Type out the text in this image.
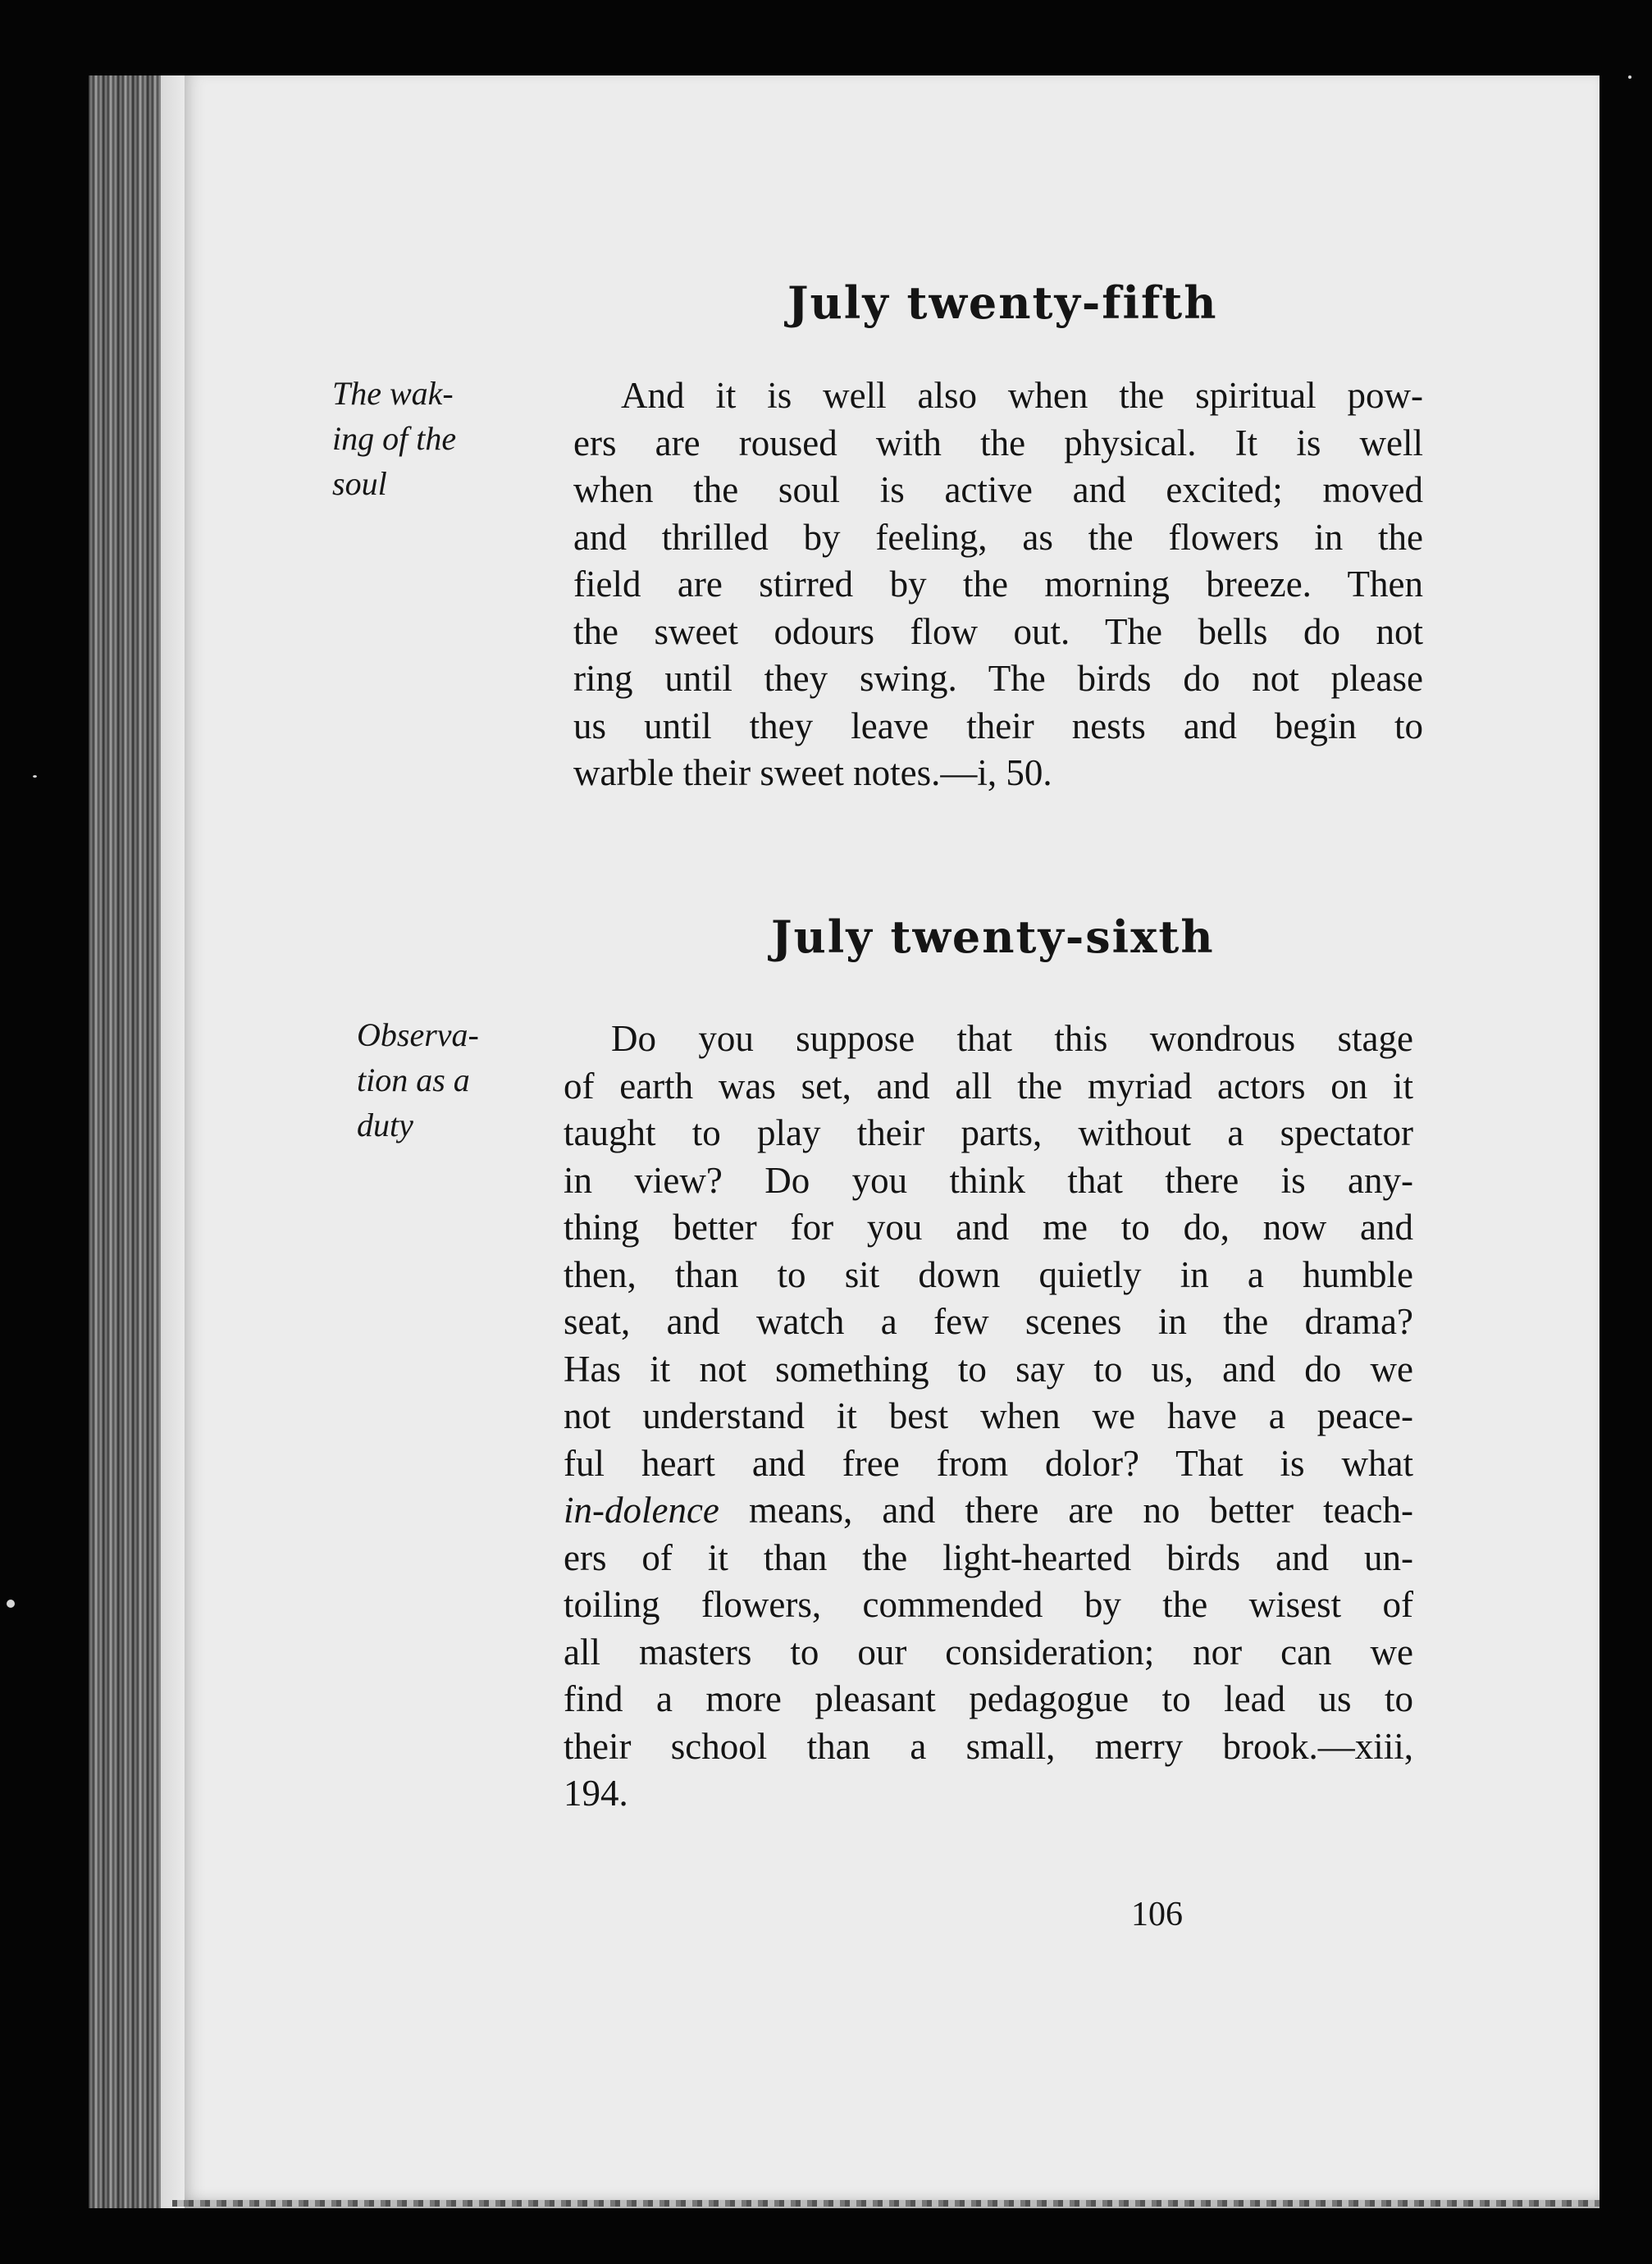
July twenty-fifth
The wak-
ing of the
soul
And it is well also when the spiritual pow-
ers are roused with the physical. It is well
when the soul is active and excited; moved
and thrilled by feeling, as the flowers in the
field are stirred by the morning breeze. Then
the sweet odours flow out. The bells do not
ring until they swing. The birds do not please
us until they leave their nests and begin to
warble their sweet notes.—i, 50.
July twenty-sixth
Observa-
tion as a
duty
Do you suppose that this wondrous stage
of earth was set, and all the myriad actors on it
taught to play their parts, without a spectator
in view? Do you think that there is any-
thing better for you and me to do, now and
then, than to sit down quietly in a humble
seat, and watch a few scenes in the drama?
Has it not something to say to us, and do we
not understand it best when we have a peace-
ful heart and free from dolor? That is what
in-dolence means, and there are no better teach-
ers of it than the light-hearted birds and un-
toiling flowers, commended by the wisest of
all masters to our consideration; nor can we
find a more pleasant pedagogue to lead us to
their school than a small, merry brook.—xiii,
194.

106
